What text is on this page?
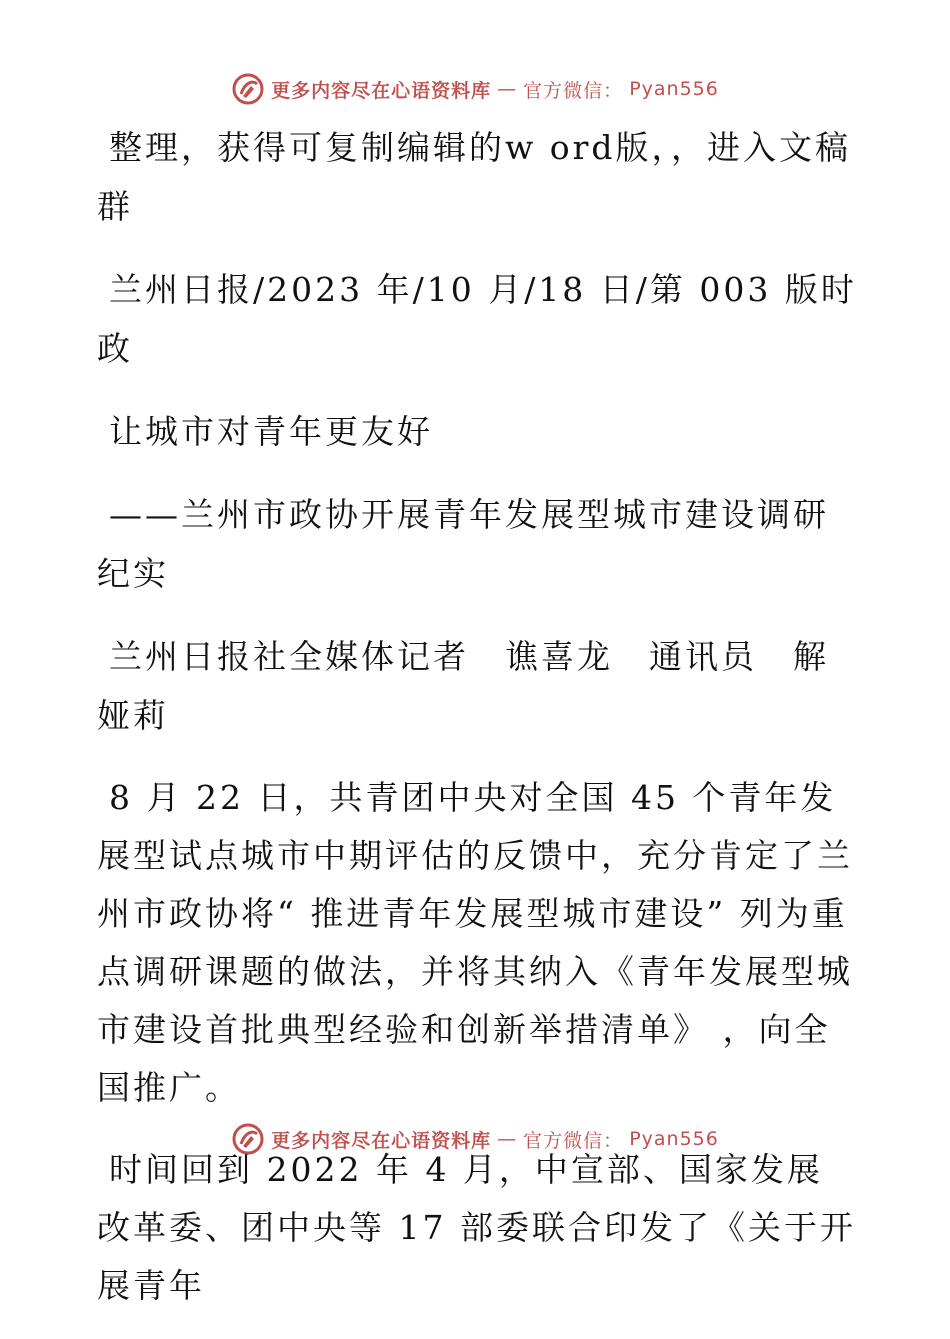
更多内容尽在心语资料库 — 官方微信： Pyan556

整理，获得可复制编辑的w ord版，，进入文稿群

兰州日报/2023 年/10 月/18 日/第 003 版时政

让城市对青年更友好

——兰州市政协开展青年发展型城市建设调研纪实

兰州日报社全媒体记者　谯喜龙　通讯员　解娅莉

8 月 22 日，共青团中央对全国 45 个青年发展型试点城市中期评估的反馈中，充分肯定了兰州市政协将“ 推进青年发展型城市建设” 列为重点调研课题的做法，并将其纳入《青年发展型城市建设首批典型经验和创新举措清单》 ，向全国推广。

时间回到 2022 年 4 月，中宣部、国家发展改革委、团中央等 17 部委联合印发了《关于开展青年

更多内容尽在心语资料库 — 官方微信： Pyan556
